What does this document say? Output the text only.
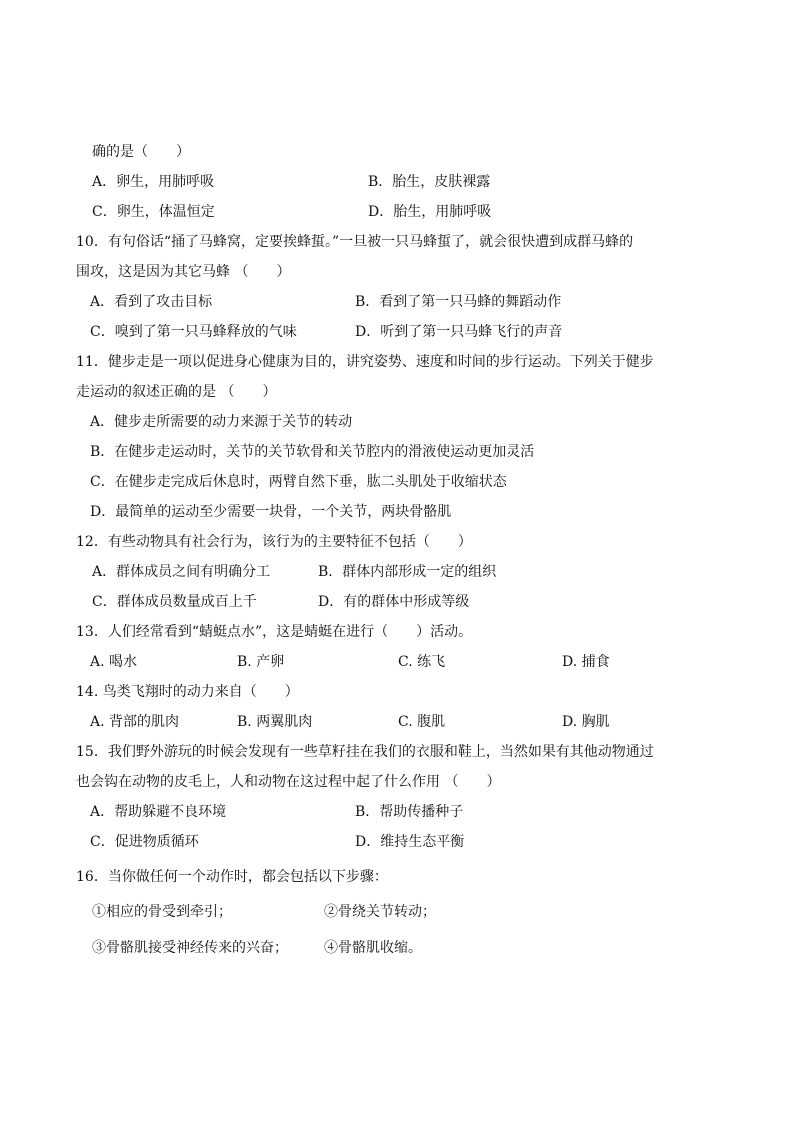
确的是（　　）
A．卵生，用肺呼吸	B．胎生，皮肤裸露
C．卵生，体温恒定	D．胎生，用肺呼吸
10．有句俗话“捅了马蜂窝，定要挨蜂蜇。”一旦被一只马蜂蜇了，就会很快遭到成群马蜂的
围攻，这是因为其它马蜂 （　　）
A．看到了攻击目标	B．看到了第一只马蜂的舞蹈动作
C．嗅到了第一只马蜂释放的气味	D．听到了第一只马蜂飞行的声音
11．健步走是一项以促进身心健康为目的，讲究姿势、速度和时间的步行运动。下列关于健步
走运动的叙述正确的是 （　　）
A．健步走所需要的动力来源于关节的转动
B．在健步走运动时，关节的关节软骨和关节腔内的滑液使运动更加灵活
C．在健步走完成后休息时，两臂自然下垂，肱二头肌处于收缩状态
D．最简单的运动至少需要一块骨，一个关节，两块骨骼肌
12．有些动物具有社会行为，该行为的主要特征不包括（　　）
A．群体成员之间有明确分工	B．群体内部形成一定的组织
C．群体成员数量成百上千	D．有的群体中形成等级
13．人们经常看到“蜻蜓点水”，这是蜻蜓在进行（　　）活动。
A. 喝水	B. 产卵	C. 练飞	D. 捕食
14. 鸟类飞翔时的动力来自（　　）
A. 背部的肌肉	B. 两翼肌肉	C. 腹肌	D. 胸肌
15．我们野外游玩的时候会发现有一些草籽挂在我们的衣服和鞋上，当然如果有其他动物通过
也会钩在动物的皮毛上，人和动物在这过程中起了什么作用 （　　）
A．帮助躲避不良环境	B．帮助传播种子
C．促进物质循环	D．维持生态平衡
16．当你做任何一个动作时，都会包括以下步骤：
①相应的骨受到牵引；	②骨绕关节转动；
③骨骼肌接受神经传来的兴奋；	④骨骼肌收缩。
